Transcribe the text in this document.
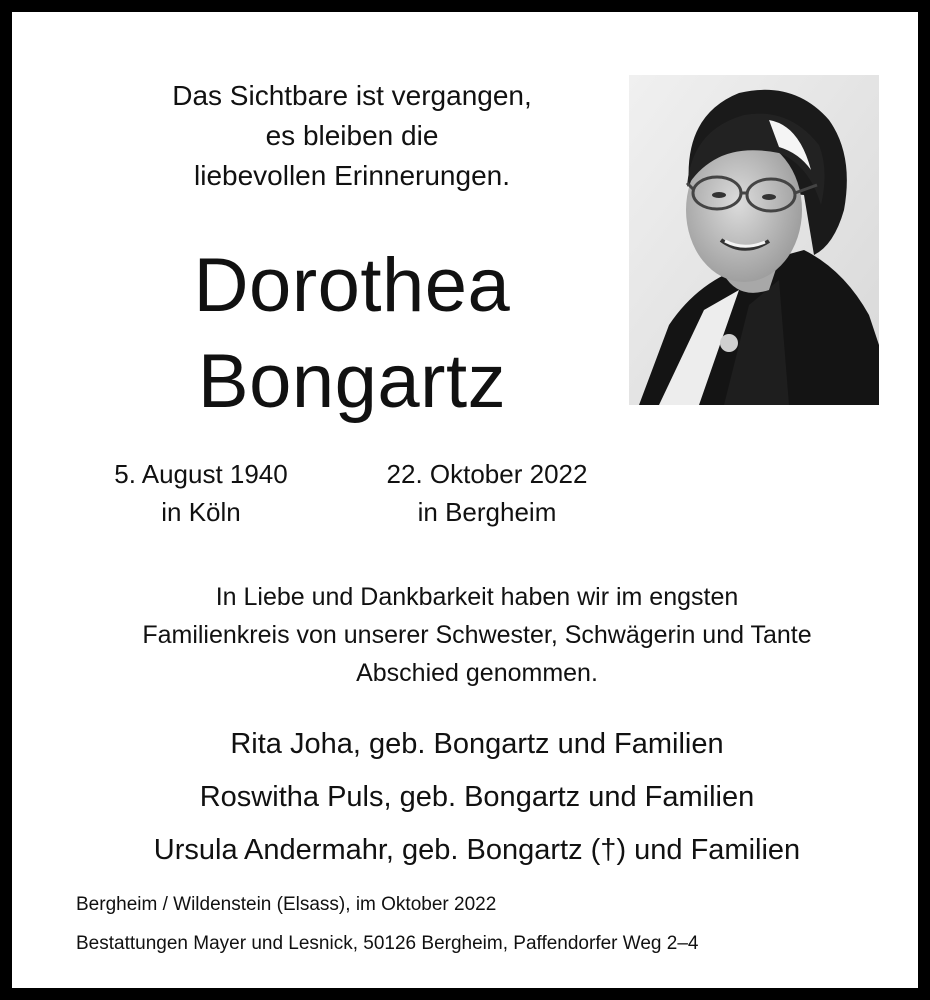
Das Sichtbare ist vergangen,
es bleiben die
liebevollen Erinnerungen.
Dorothea
Bongartz
5. August 1940
in Köln
22. Oktober 2022
in Bergheim
In Liebe und Dankbarkeit haben wir im engsten
Familienkreis von unserer Schwester, Schwägerin und Tante
Abschied genommen.
Rita Joha, geb. Bongartz und Familien
Roswitha Puls, geb. Bongartz und Familien
Ursula Andermahr, geb. Bongartz (†) und Familien
Bergheim / Wildenstein (Elsass), im Oktober 2022
Bestattungen Mayer und Lesnick, 50126 Bergheim, Paffendorfer Weg 2–4
